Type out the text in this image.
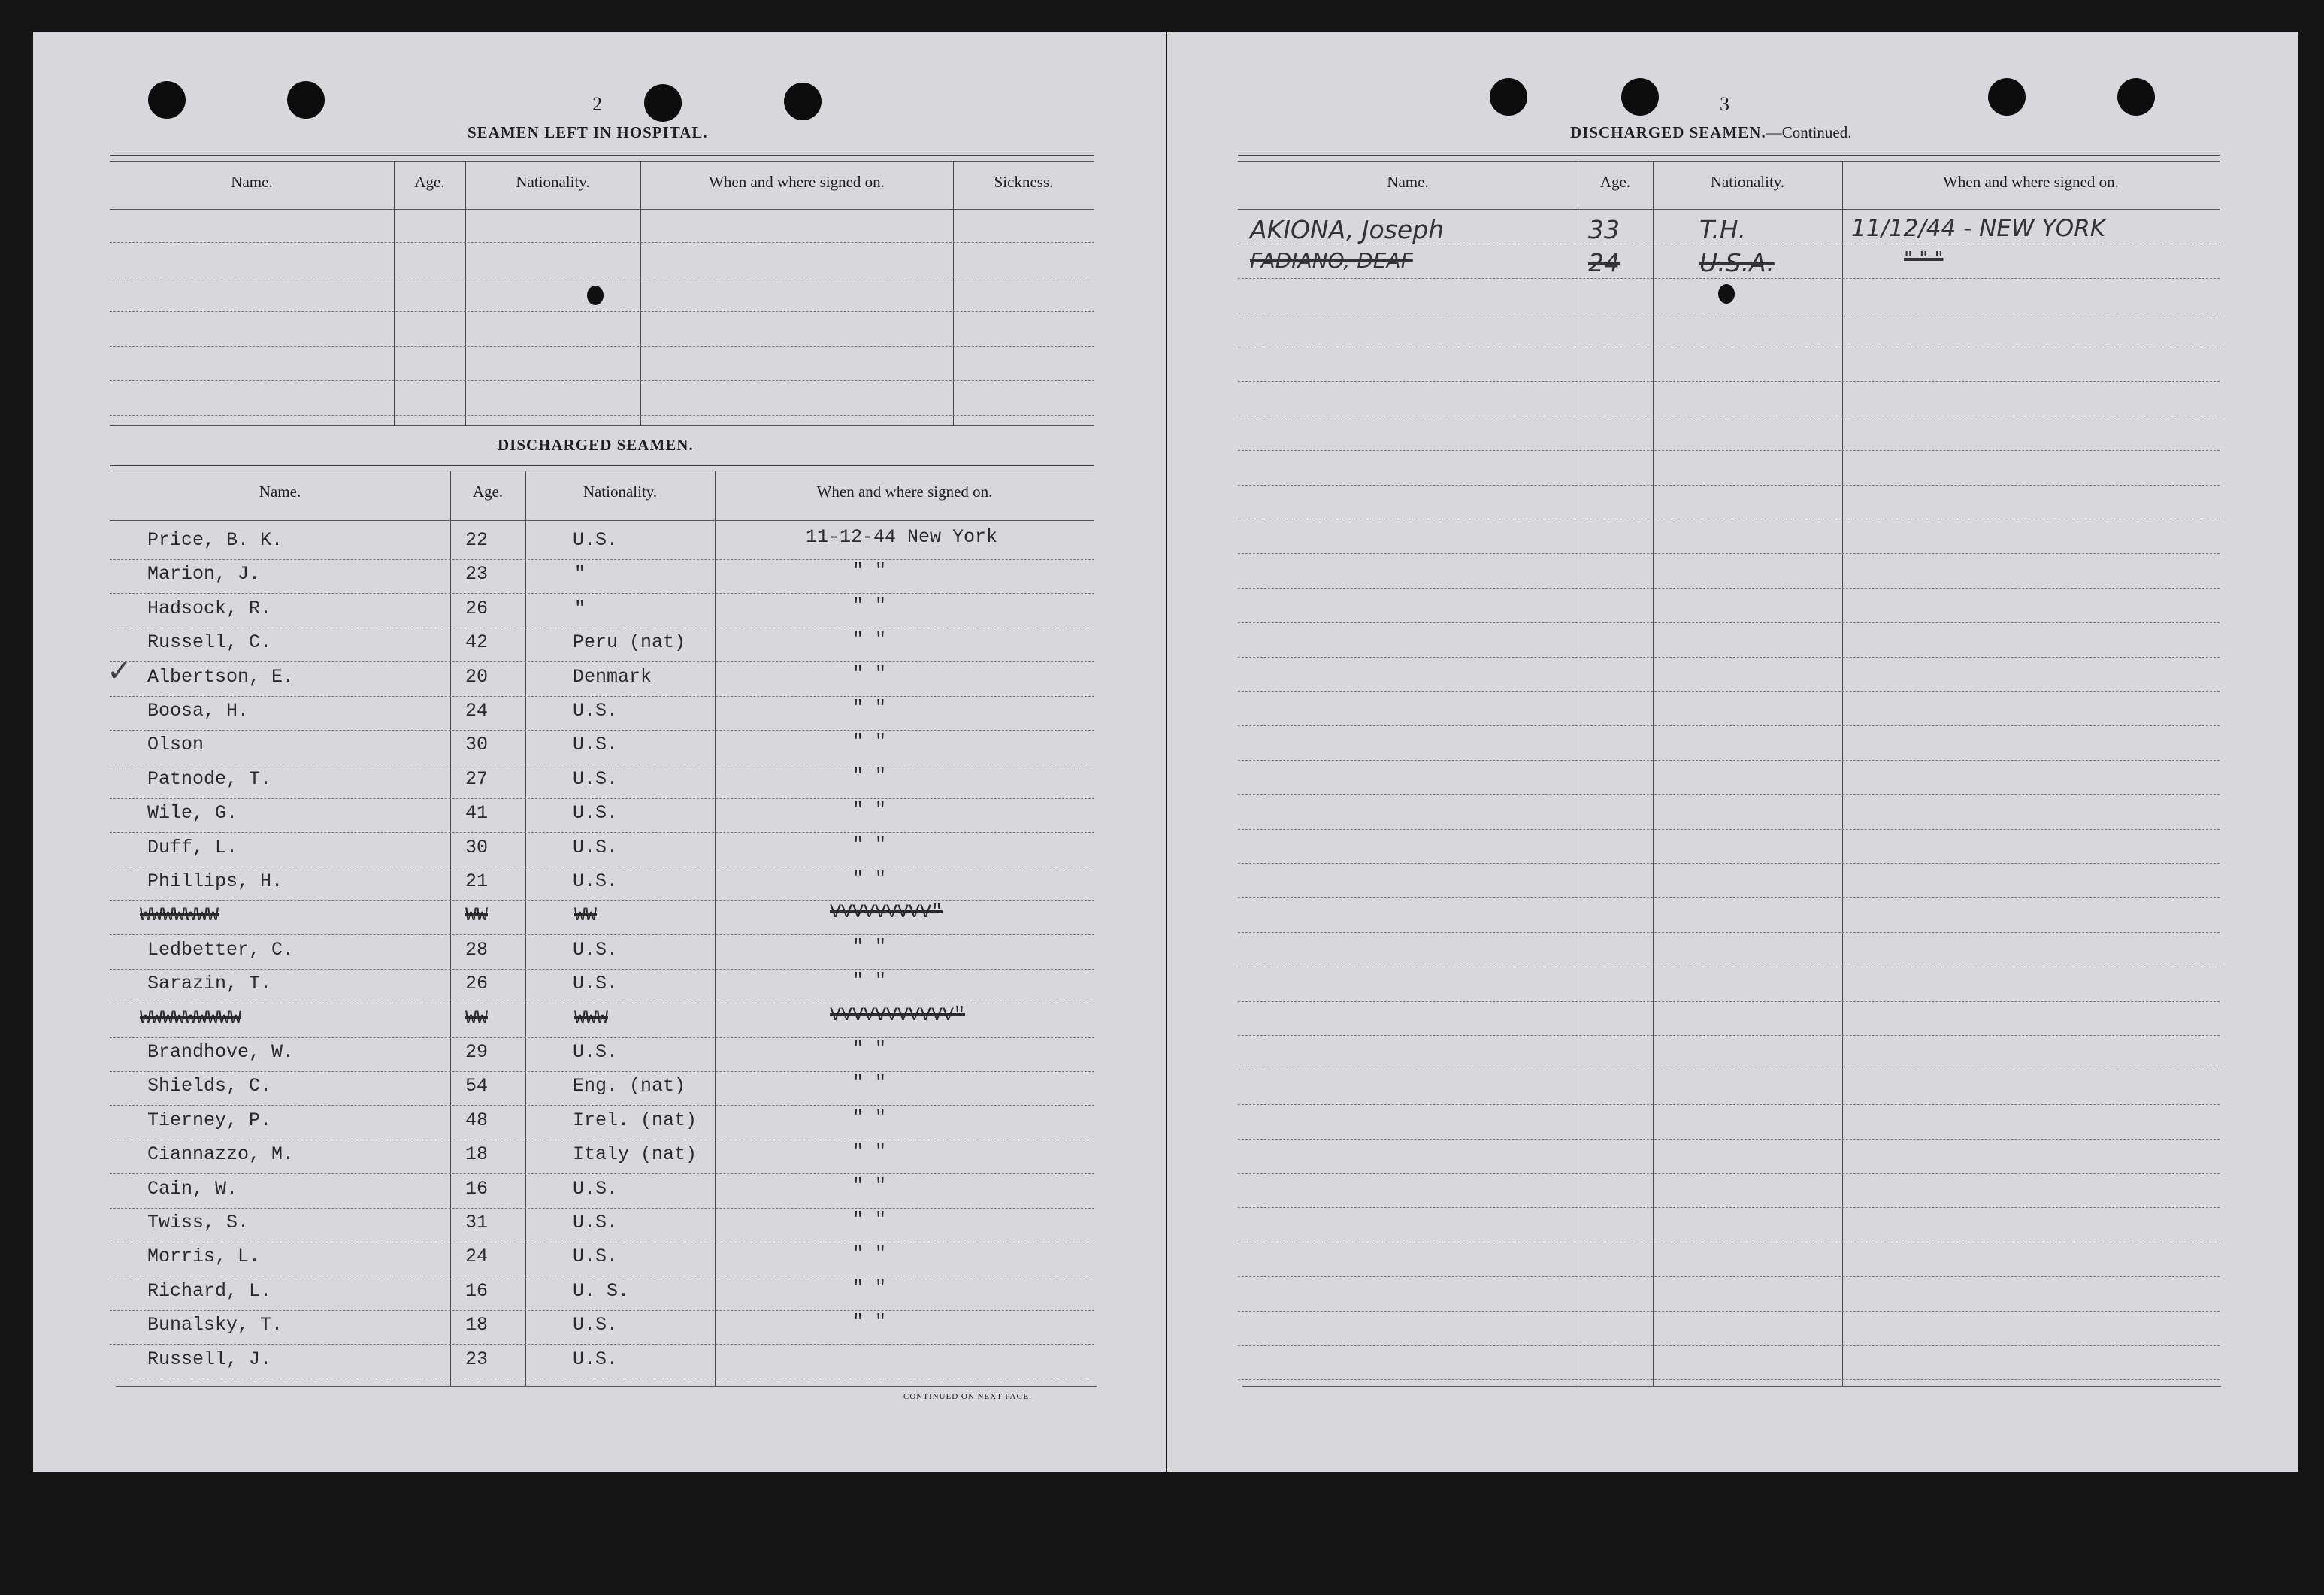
2
SEAMEN LEFT IN HOSPITAL.
Name.	Age.	Nationality.	When and where signed on.	Sickness.
DISCHARGED SEAMEN.
Name.	Age.	Nationality.	When and where signed on.
Price, B. K.	22	U.S.	11-12-44 New York
Marion, J.	23	"	" "
Hadsock, R.	26	"	" "
Russell, C.	42	Peru (nat)	" "
Albertson, E.	20	Denmark	" "
Boosa, H.	24	U.S.	" "
Olson	30	U.S.	" "
Patnode, T.	27	U.S.	" "
Wile, G.	41	U.S.	" "
Duff, L.	30	U.S.	" "
Phillips, H.	21	U.S.	" "
WWWWWWW	WW	WW	VVVVVVVVV"
Ledbetter, C.	28	U.S.	" "
Sarazin, T.	26	U.S.	" "
WWWWWWWWW	WW	WWW	VVVVVVVVVVV"
Brandhove, W.	29	U.S.	" "
Shields, C.	54	Eng. (nat)	" "
Tierney, P.	48	Irel. (nat)	" "
Ciannazzo, M.	18	Italy (nat)	" "
Cain, W.	16	U.S.	" "
Twiss, S.	31	U.S.	" "
Morris, L.	24	U.S.	" "
Richard, L.	16	U. S.	" "
Bunalsky, T.	18	U.S.	" "
Russell, J.	23	U.S.
✓
CONTINUED ON NEXT PAGE.
3
DISCHARGED SEAMEN.—Continued.
Name.	Age.	Nationality.	When and where signed on.
AKIONA, Joseph	33	T.H.	11/12/44 - NEW YORK
FADIANO, DEAF	24	U.S.A.	" " "
